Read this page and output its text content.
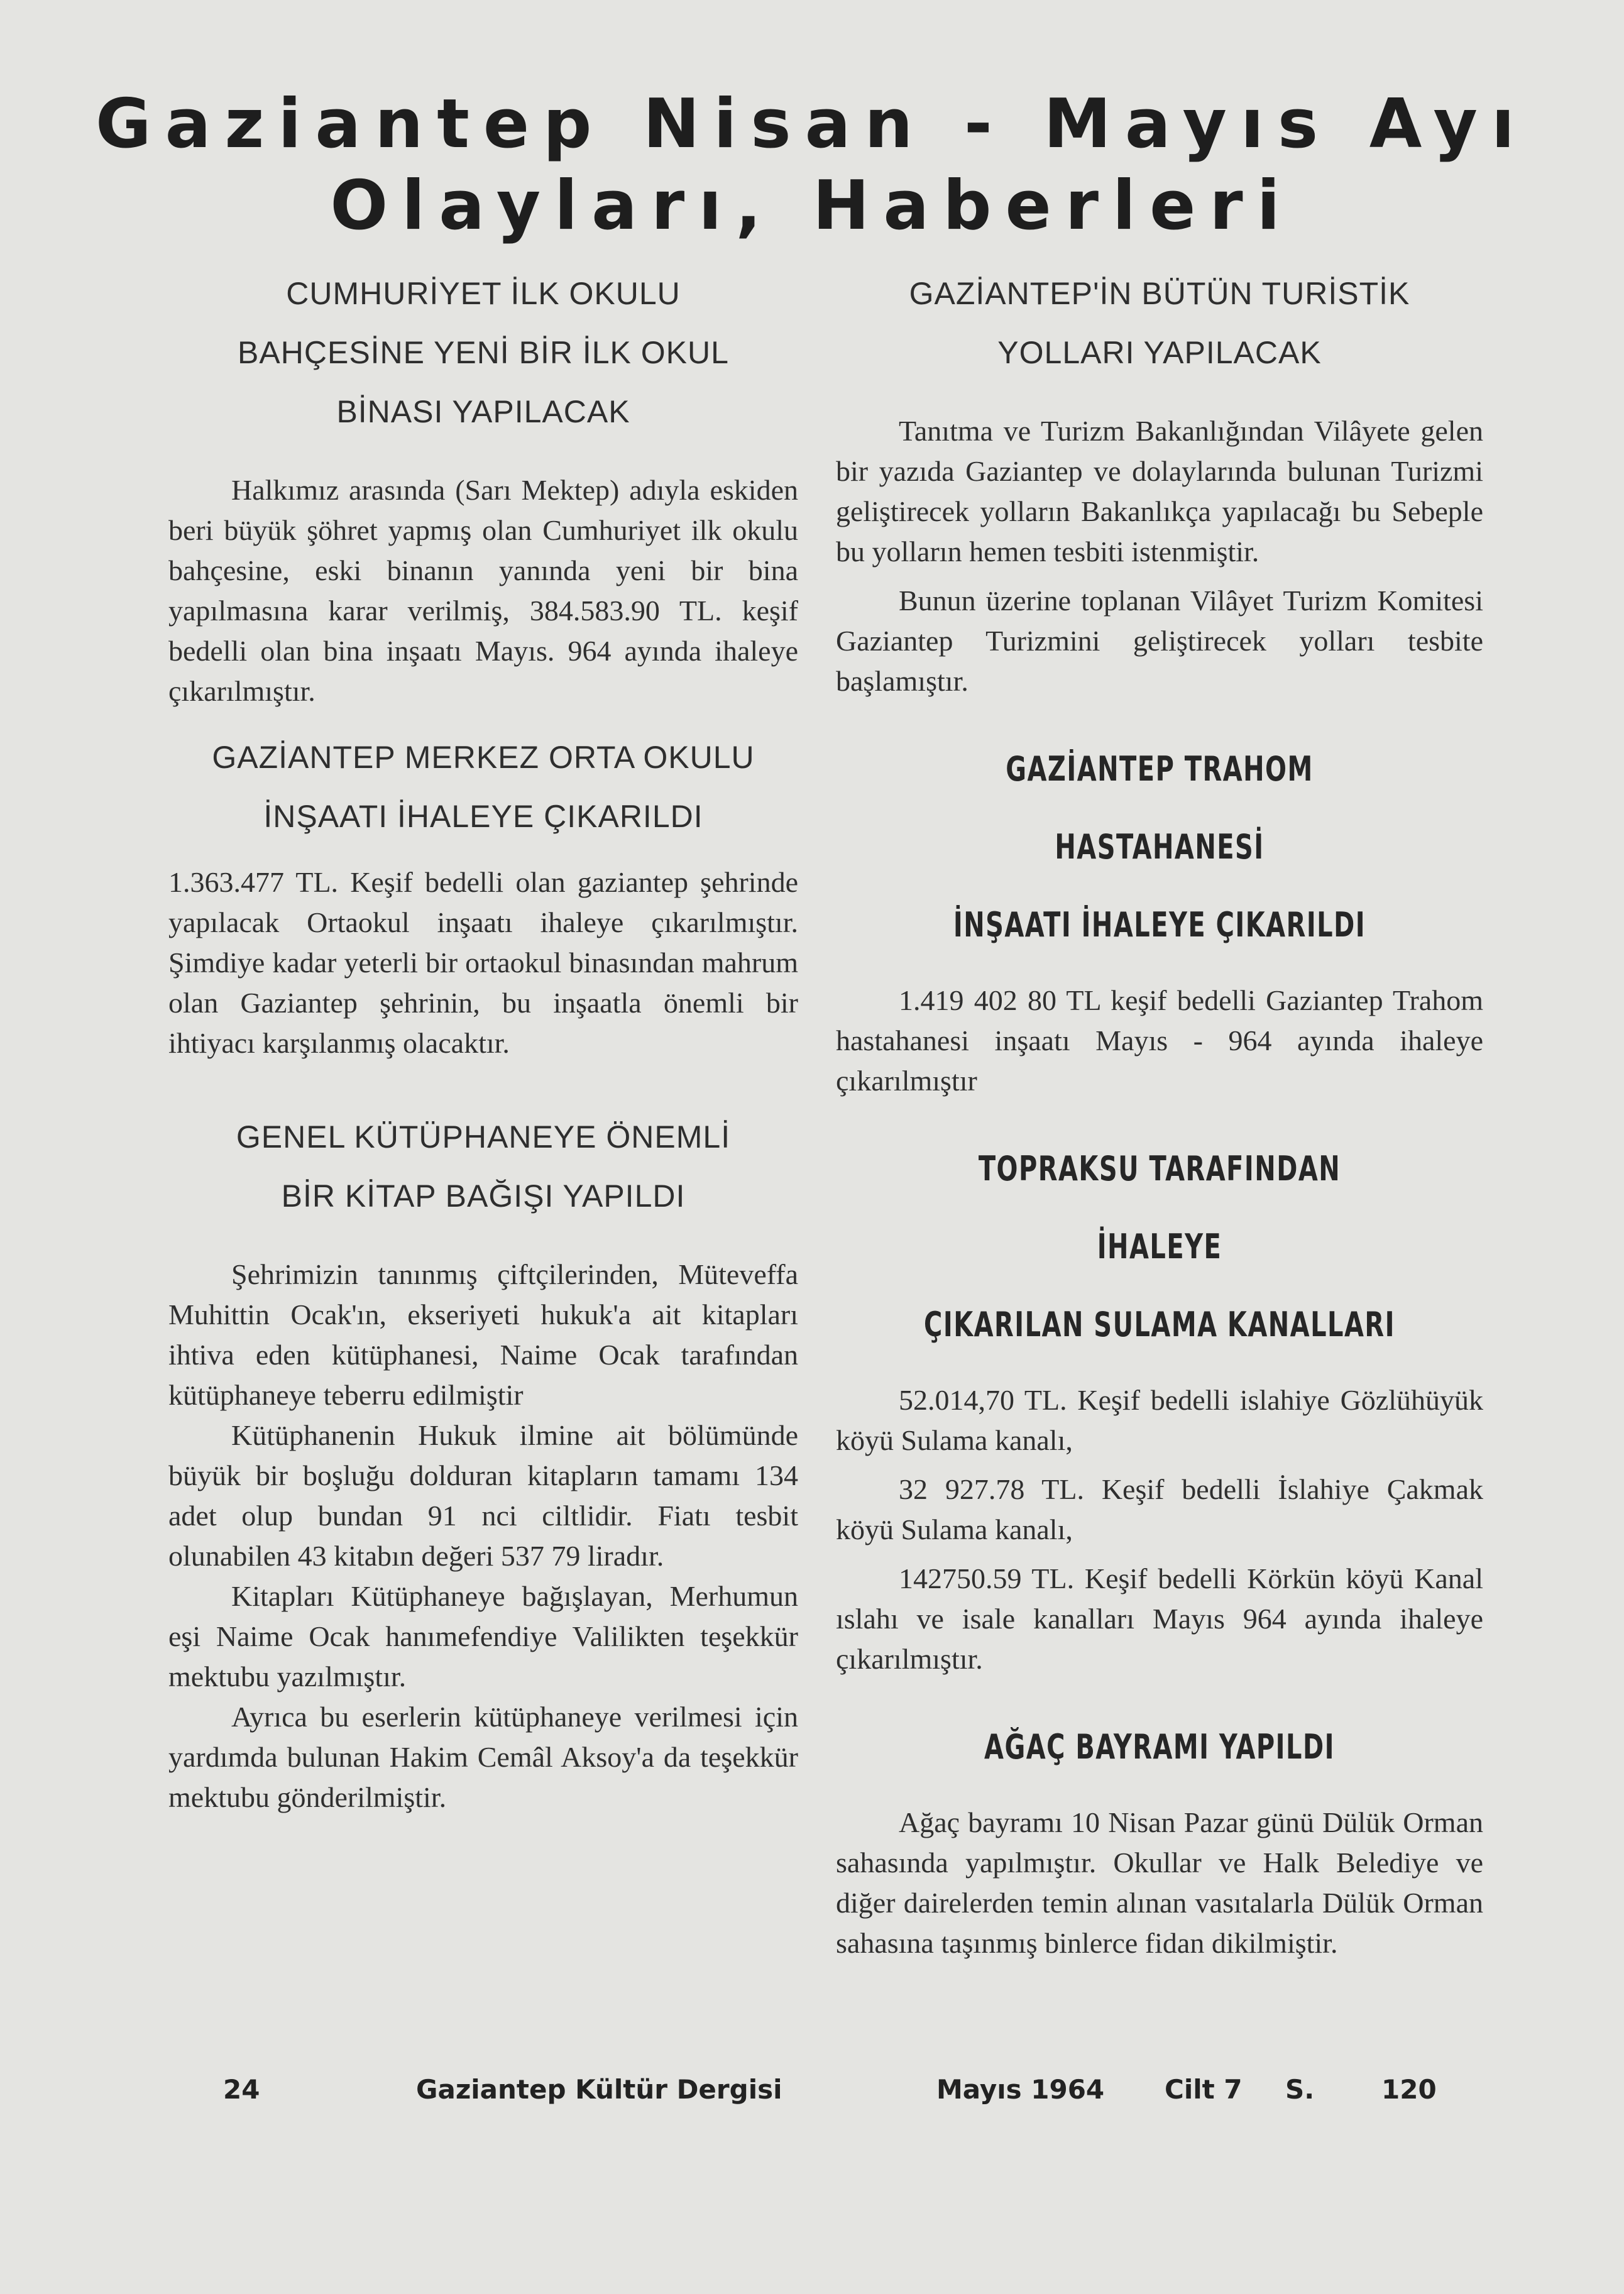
Gaziantep Nisan - Mayıs Ayı
Olayları, Haberleri

CUMHURİYET İLK OKULU

BAHÇESİNE YENİ BİR İLK OKUL

BİNASI YAPILACAK

Halkımız arasında (Sarı Mektep) adıyla eskiden beri büyük şöhret yapmış olan Cumhuriyet ilk okulu bahçesine, eski binanın yanında yeni bir bina yapılmasına karar verilmiş, 384.583.90 TL. keşif bedelli olan bina inşaatı Mayıs. 964 ayında ihaleye çıkarılmıştır.

GAZİANTEP MERKEZ ORTA OKULU

İNŞAATI İHALEYE ÇIKARILDI

1.363.477 TL. Keşif bedelli olan gaziantep şehrinde yapılacak Ortaokul inşaatı ihaleye çıkarılmıştır. Şimdiye kadar yeterli bir ortaokul binasından mahrum olan Gaziantep şehrinin, bu inşaatla önemli bir ihtiyacı karşılanmış olacaktır.

GENEL KÜTÜPHANEYE ÖNEMLİ

BİR KİTAP BAĞIŞI YAPILDI

Şehrimizin tanınmış çiftçilerinden, Müteveffa Muhittin Ocak'ın, ekseriyeti hukuk'a ait kitapları ihtiva eden kütüphanesi, Naime Ocak tarafından kütüphaneye teberru edilmiştir

Kütüphanenin Hukuk ilmine ait bölümünde büyük bir boşluğu dolduran kitapların tamamı 134 adet olup bundan 91 nci ciltlidir. Fiatı tesbit olunabilen 43 kitabın değeri 537 79 liradır.

Kitapları Kütüphaneye bağışlayan, Merhumun eşi Naime Ocak hanımefendiye Valilikten teşekkür mektubu yazılmıştır.

Ayrıca bu eserlerin kütüphaneye verilmesi için yardımda bulunan Hakim Cemâl Aksoy'a da teşekkür mektubu gönderilmiştir.

GAZİANTEP'İN BÜTÜN TURİSTİK

YOLLARI YAPILACAK

Tanıtma ve Turizm Bakanlığından Vilâyete gelen bir yazıda Gaziantep ve dolaylarında bulunan Turizmi geliştirecek yolların Bakanlıkça yapılacağı bu Sebeple bu yolların hemen tesbiti istenmiştir.

Bunun üzerine toplanan Vilâyet Turizm Komitesi Gaziantep Turizmini geliştirecek yolları tesbite başlamıştır.

GAZİANTEP TRAHOM HASTAHANESİ

İNŞAATI İHALEYE ÇIKARILDI

1.419 402 80 TL keşif bedelli Gaziantep Trahom hastahanesi inşaatı Mayıs - 964 ayında ihaleye çıkarılmıştır

TOPRAKSU TARAFINDAN İHALEYE

ÇIKARILAN SULAMA KANALLARI

52.014,70 TL. Keşif bedelli islahiye Gözlühüyük köyü Sulama kanalı,

32 927.78 TL. Keşif bedelli İslahiye Çakmak köyü Sulama kanalı,

142750.59 TL. Keşif bedelli Körkün köyü Kanal ıslahı ve isale kanalları Mayıs 964 ayında ihaleye çıkarılmıştır.

AĞAÇ BAYRAMI YAPILDI

Ağaç bayramı 10 Nisan Pazar günü Dülük Orman sahasında yapılmıştır. Okullar ve Halk Belediye ve diğer dairelerden temin alınan vasıtalarla Dülük Orman sahasına taşınmış binlerce fidan dikilmiştir.

24	Gaziantep Kültür Dergisi	Mayıs 1964 Cilt 7 S.	120
